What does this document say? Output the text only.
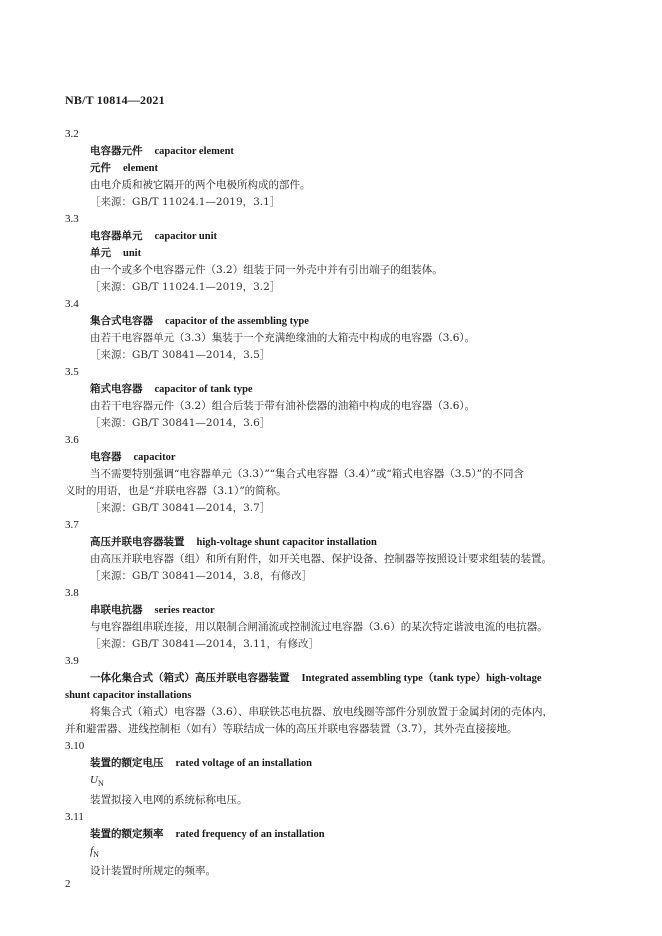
NB/T 10814—2021
3.2
电容器元件 capacitor element
元件 element
由电介质和被它隔开的两个电极所构成的部件。
［来源：GB/T 11024.1—2019，3.1］
3.3
电容器单元 capacitor unit
单元 unit
由一个或多个电容器元件（3.2）组装于同一外壳中并有引出端子的组装体。
［来源：GB/T 11024.1—2019，3.2］
3.4
集合式电容器 capacitor of the assembling type
由若干电容器单元（3.3）集装于一个充满绝缘油的大箱壳中构成的电容器（3.6）。
［来源：GB/T 30841—2014，3.5］
3.5
箱式电容器 capacitor of tank type
由若干电容器元件（3.2）组合后装于带有油补偿器的油箱中构成的电容器（3.6）。
［来源：GB/T 30841—2014，3.6］
3.6
电容器 capacitor
当不需要特别强调“电容器单元（3.3）”“集合式电容器（3.4）”或“箱式电容器（3.5）”的不同含
义时的用语，也是“并联电容器（3.1）”的简称。
［来源：GB/T 30841—2014，3.7］
3.7
高压并联电容器装置 high-voltage shunt capacitor installation
由高压并联电容器（组）和所有附件，如开关电器、保护设备、控制器等按照设计要求组装的装置。
［来源：GB/T 30841—2014，3.8，有修改］
3.8
串联电抗器 series reactor
与电容器组串联连接，用以限制合闸涌流或控制流过电容器（3.6）的某次特定谐波电流的电抗器。
［来源：GB/T 30841—2014，3.11，有修改］
3.9
一体化集合式（箱式）高压并联电容器装置 Integrated assembling type（tank type）high-voltage
shunt capacitor installations
将集合式（箱式）电容器（3.6）、串联铁芯电抗器、放电线圈等部件分别放置于金属封闭的壳体内，
并和避雷器、进线控制柜（如有）等联结成一体的高压并联电容器装置（3.7），其外壳直接接地。
3.10
装置的额定电压 rated voltage of an installation
$U_N$
装置拟接入电网的系统标称电压。
3.11
装置的额定频率 rated frequency of an installation
$f_N$
设计装置时所规定的频率。
2
